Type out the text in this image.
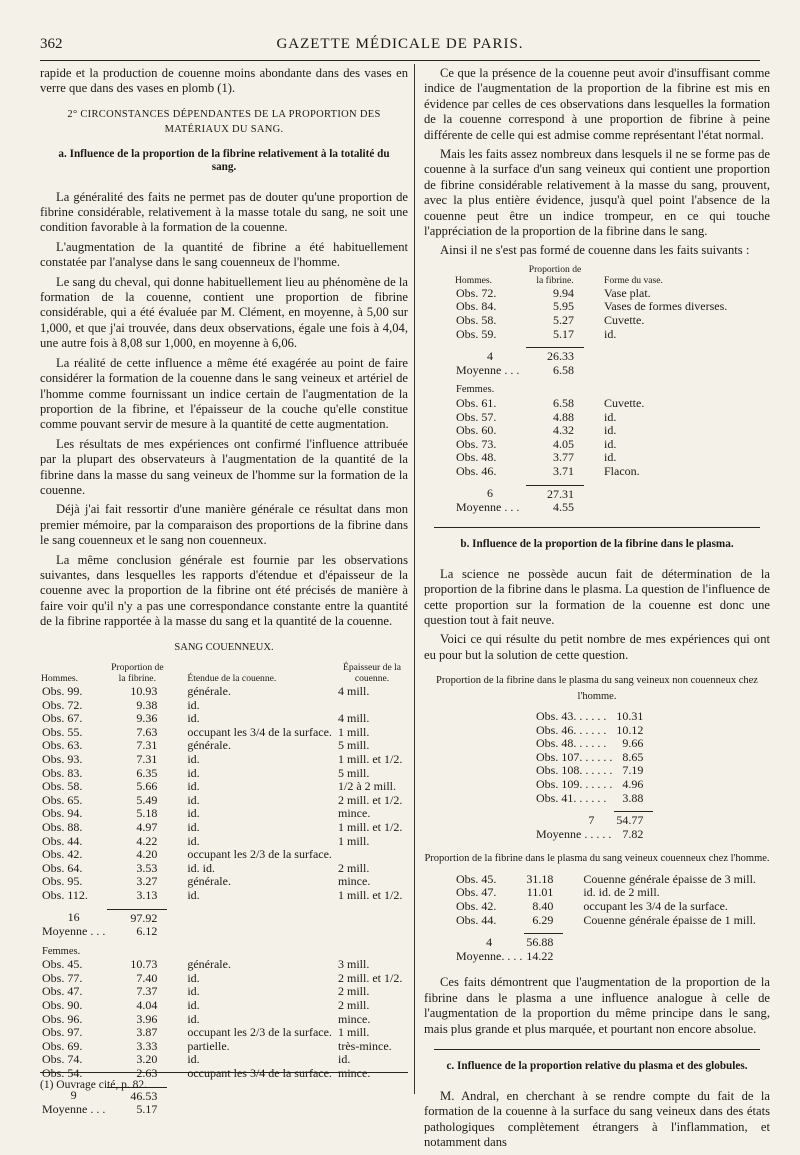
362	GAZETTE MÉDICALE DE PARIS.

rapide et la production de couenne moins abondante dans des vases en verre que dans des vases en plomb (1).

2° CIRCONSTANCES DÉPENDANTES DE LA PROPORTION DES MATÉRIAUX DU SANG.
a. Influence de la proportion de la fibrine relativement à la totalité du sang.

La généralité des faits ne permet pas de douter qu'une proportion de fibrine considérable, relativement à la masse totale du sang, ne soit une condition favorable à la formation de la couenne.

L'augmentation de la quantité de fibrine a été habituellement constatée par l'analyse dans le sang couenneux de l'homme.

Le sang du cheval, qui donne habituellement lieu au phénomène de la formation de la couenne, contient une proportion de fibrine considérable, qui a été évaluée par M. Clément, en moyenne, à 5,00 sur 1,000, et que j'ai trouvée, dans deux observations, égale une fois à 4,04, une autre fois à 8,08 sur 1,000, en moyenne à 6,06.

La réalité de cette influence a même été exagérée au point de faire considérer la formation de la couenne dans le sang veineux et artériel de l'homme comme fournissant un indice certain de l'augmentation de la proportion de la fibrine, et l'épaisseur de la couche qu'elle constitue comme pouvant servir de mesure à la quantité de cette augmentation.

Les résultats de mes expériences ont confirmé l'influence attribuée par la plupart des observateurs à l'augmentation de la quantité de la fibrine dans la masse du sang veineux de l'homme sur la formation de la couenne.

Déjà j'ai fait ressortir d'une manière générale ce résultat dans mon premier mémoire, par la comparaison des proportions de la fibrine dans le sang couenneux et le sang non couenneux.

La même conclusion générale est fournie par les observations suivantes, dans lesquelles les rapports d'étendue et d'épaisseur de la couenne avec la proportion de la fibrine ont été précisés de manière à faire voir qu'il n'y a pas une correspondance constante entre la quantité de la fibrine rapportée à la masse du sang et la quantité de la couenne.

SANG COUENNEUX.
Hommes.	Proportion de la fibrine.	Étendue de la couenne.	Épaisseur de la couenne.
Obs. 99.	10.93	générale.	4 mill.
Obs. 72.	9.38	id.	
Obs. 67.	9.36	id.	4 mill.
Obs. 55.	7.63	occupant les 3/4 de la surface.	1 mill.
Obs. 63.	7.31	générale.	5 mill.
Obs. 93.	7.31	id.	1 mill. et 1/2.
Obs. 83.	6.35	id.	5 mill.
Obs. 58.	5.66	id.	1/2 à 2 mill.
Obs. 65.	5.49	id.	2 mill. et 1/2.
Obs. 94.	5.18	id.	mince.
Obs. 88.	4.97	id.	1 mill. et 1/2.
Obs. 44.	4.22	id.	1 mill.
Obs. 42.	4.20	occupant les 2/3 de la surface.	
Obs. 64.	3.53	id. id.	2 mill.
Obs. 95.	3.27	générale.	mince.
Obs. 112.	3.13	id.	1 mill. et 1/2.

16	97.92		
Moyenne . . .	6.12		
Femmes.			
Obs. 45.	10.73	générale.	3 mill.
Obs. 77.	7.40	id.	2 mill. et 1/2.
Obs. 47.	7.37	id.	2 mill.
Obs. 90.	4.04	id.	2 mill.
Obs. 96.	3.96	id.	mince.
Obs. 97.	3.87	occupant les 2/3 de la surface.	1 mill.
Obs. 69.	3.33	partielle.	très-mince.
Obs. 74.	3.20	id.	id.
Obs. 54.	2.63	occupant les 3/4 de la surface.	mince.

9	46.53		
Moyenne . . .	5.17		
(1) Ouvrage cité, p. 82.

Ce que la présence de la couenne peut avoir d'insuffisant comme indice de l'augmentation de la proportion de la fibrine est mis en évidence par celles de ces observations dans lesquelles la formation de la couenne correspond à une proportion de fibrine à peine différente de celle qui est admise comme représentant l'état normal.

Mais les faits assez nombreux dans lesquels il ne se forme pas de couenne à la surface d'un sang veineux qui contient une proportion de fibrine considérable relativement à la masse du sang, prouvent, avec la plus entière évidence, jusqu'à quel point l'absence de la couenne peut être un indice trompeur, en ce qui touche l'appréciation de la proportion de la fibrine dans le sang.

Ainsi il ne s'est pas formé de couenne dans les faits suivants :

Hommes.	Proportion de la fibrine.	Forme du vase.
Obs. 72.	9.94	Vase plat.
Obs. 84.	5.95	Vases de formes diverses.
Obs. 58.	5.27	Cuvette.
Obs. 59.	5.17	id.

4	26.33	
Moyenne . . .	6.58	
Femmes.		
Obs. 61.	6.58	Cuvette.
Obs. 57.	4.88	id.
Obs. 60.	4.32	id.
Obs. 73.	4.05	id.
Obs. 48.	3.77	id.
Obs. 46.	3.71	Flacon.

6	27.31	
Moyenne . . .	4.55	
b. Influence de la proportion de la fibrine dans le plasma.

La science ne possède aucun fait de détermination de la proportion de la fibrine dans le plasma. La question de l'influence de cette proportion sur la formation de la couenne est donc une question tout à fait neuve.

Voici ce qui résulte du petit nombre de mes expériences qui ont eu pour but la solution de cette question.

Proportion de la fibrine dans le plasma du sang veineux non couenneux chez l'homme.
Obs. 43. . . . . .	10.31
Obs. 46. . . . . .	10.12
Obs. 48. . . . . .	9.66
Obs. 107. . . . . .	8.65
Obs. 108. . . . . .	7.19
Obs. 109. . . . . .	4.96
Obs. 41. . . . . .	3.88

7	54.77
Moyenne . . . . .	7.82
Proportion de la fibrine dans le plasma du sang veineux couenneux chez l'homme.
Obs. 45.	31.18	Couenne générale épaisse de 3 mill.
Obs. 47.	11.01	id. id. de 2 mill.
Obs. 42.	8.40	occupant les 3/4 de la surface.
Obs. 44.	6.29	Couenne générale épaisse de 1 mill.

4	56.88	
Moyenne. . . .	14.22	

Ces faits démontrent que l'augmentation de la proportion de la fibrine dans le plasma a une influence analogue à celle de l'augmentation de la proportion du même principe dans le sang, mais plus grande et plus marquée, et pourtant non encore absolue.

c. Influence de la proportion relative du plasma et des globules.

M. Andral, en cherchant à se rendre compte du fait de la formation de la couenne à la surface du sang veineux dans des états pathologiques complètement étrangers à l'inflammation, et notamment dans
